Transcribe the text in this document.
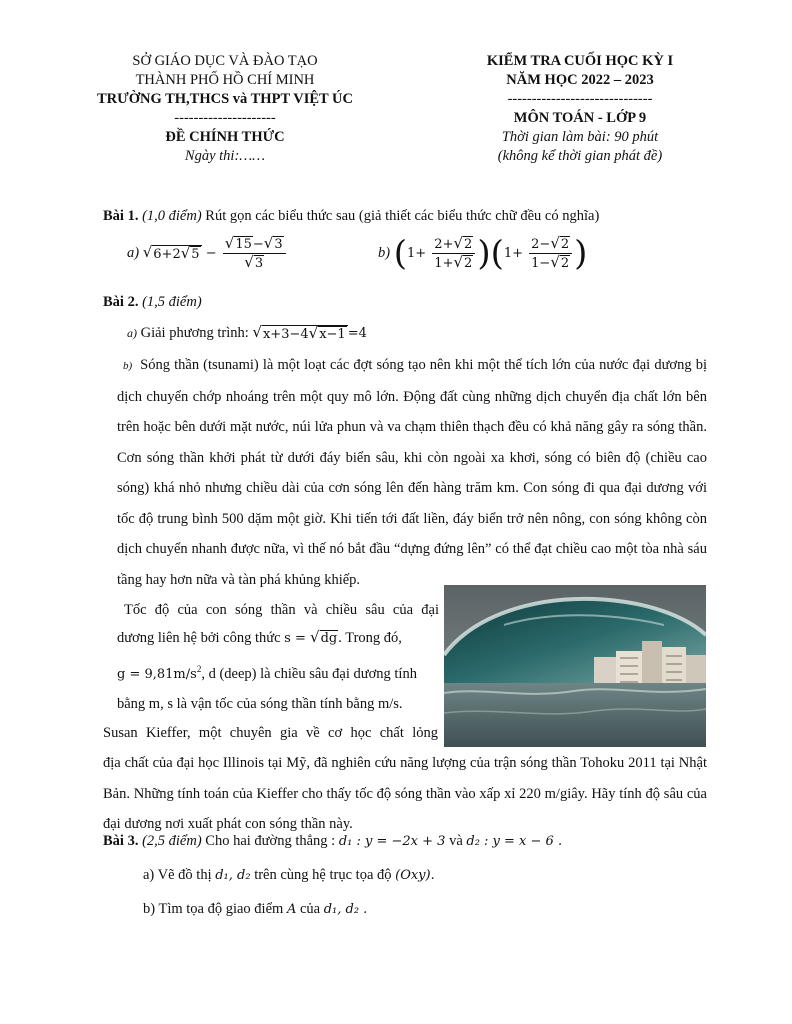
SỞ GIÁO DỤC VÀ ĐÀO TẠO
THÀNH PHỐ HỒ CHÍ MINH
TRƯỜNG TH,THCS và THPT VIỆT ÚC
---------------------
ĐỀ CHÍNH THỨC
Ngày thi:……
KIỂM TRA CUỐI HỌC KỲ I
NĂM HỌC 2022 – 2023
------------------------------
MÔN TOÁN - LỚP 9
Thời gian làm bài: 90 phút
(không kể thời gian phát đề)
Bài 1. (1,0 điểm) Rút gọn các biểu thức sau (giả thiết các biểu thức chữ đều có nghĩa)
a) √ 6+2 √ $5 - \frac{√ 15 - √ 3}{√ 3}$	b) $(1+ \frac{2+ √ 2}{1+ √ 2} )(1+ \frac{2- √ 2}{1- √ 2}$ )
Bài 2. (1,5 điểm)
a) Giải phương trình: √ x+3−4 √ x−1 =4
b) Sóng thần (tsunami) là một loạt các đợt sóng tạo nên khi một thể tích lớn của nước đại dương bị dịch chuyển chớp nhoáng trên một quy mô lớn. Động đất cùng những dịch chuyển địa chất lớn bên trên hoặc bên dưới mặt nước, núi lửa phun và va chạm thiên thạch đều có khả năng gây ra sóng thần. Cơn sóng thần khởi phát từ dưới đáy biển sâu, khi còn ngoài xa khơi, sóng có biên độ (chiều cao sóng) khá nhỏ nhưng chiều dài của cơn sóng lên đến hàng trăm km. Con sóng đi qua đại dương với tốc độ trung bình 500 dặm một giờ. Khi tiến tới đất liền, đáy biển trở nên nông, con sóng không còn dịch chuyển nhanh được nữa, vì thế nó bắt đầu “dựng đứng lên” có thể đạt chiều cao một tòa nhà sáu tầng hay hơn nữa và tàn phá khủng khiếp.
Tốc độ của con sóng thần và chiều sâu của đại
dương liên hệ bởi công thức s = √ dg . Trong đó,
$g = 9,81m/s^2$, d (deep) là chiều sâu đại dương tính
bằng m, s là vận tốc của sóng thần tính bằng m/s.
Susan Kieffer, một chuyên gia về cơ học chất lỏng
địa chất của đại học Illinois tại Mỹ, đã nghiên cứu năng lượng của trận sóng thần Tohoku 2011 tại Nhật Bản. Những tính toán của Kieffer cho thấy tốc độ sóng thần vào xấp xỉ 220 m/giây. Hãy tính độ sâu của đại dương nơi xuất phát con sóng thần này.
Bài 3. (2,5 điểm) Cho hai đường thẳng : d₁ : y = −2x + 3 và d₂ : y = x − 6 .
a) Vẽ đồ thị d₁, d₂ trên cùng hệ trục tọa độ (Oxy).
b) Tìm tọa độ giao điểm A của d₁, d₂ .
